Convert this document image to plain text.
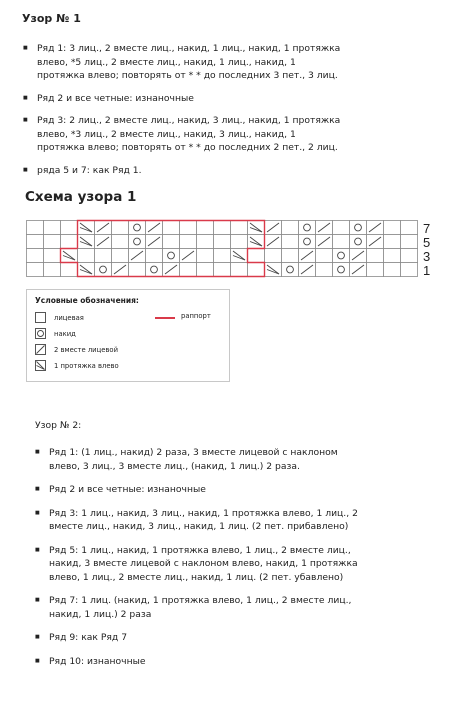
Узор № 1
■ Ряд 1: 3 лиц., 2 вместе лиц., накид, 1 лиц., накид, 1 протяжка влево, *5 лиц., 2 вместе лиц., накид, 1 лиц., накид, 1 протяжка влево; повторять от * * до последних 3 пет., 3 лиц.
■ Ряд 2 и все четные: изнаночные
■ Ряд 3: 2 лиц., 2 вместе лиц., накид, 3 лиц., накид, 1 протяжка влево, *3 лиц., 2 вместе лиц., накид, 3 лиц., накид, 1 протяжка влево; повторять от * * до последних 2 пет., 2 лиц.
■ ряда 5 и 7: как Ряд 1.
Схема узора 1
7
5
3
1
Условные обозначения:
лицевая
накид
2 вместе лицевой
1 протяжка влево
раппорт
Узор № 2:
■ Ряд 1: (1 лиц., накид) 2 раза, 3 вместе лицевой с наклоном влево, 3 лиц., 3 вместе лиц., (накид, 1 лиц.) 2 раза.
■ Ряд 2 и все четные: изнаночные
■ Ряд 3: 1 лиц., накид, 3 лиц., накид, 1 протяжка влево, 1 лиц., 2 вместе лиц., накид, 3 лиц., накид, 1 лиц. (2 пет. прибавлено)
■ Ряд 5: 1 лиц., накид, 1 протяжка влево, 1 лиц., 2 вместе лиц., накид, 3 вместе лицевой с наклоном влево, накид, 1 протяжка влево, 1 лиц., 2 вместе лиц., накид, 1 лиц. (2 пет. убавлено)
■ Ряд 7: 1 лиц. (накид, 1 протяжка влево, 1 лиц., 2 вместе лиц., накид, 1 лиц.) 2 раза
■ Ряд 9: как Ряд 7
■ Ряд 10: изнаночные
